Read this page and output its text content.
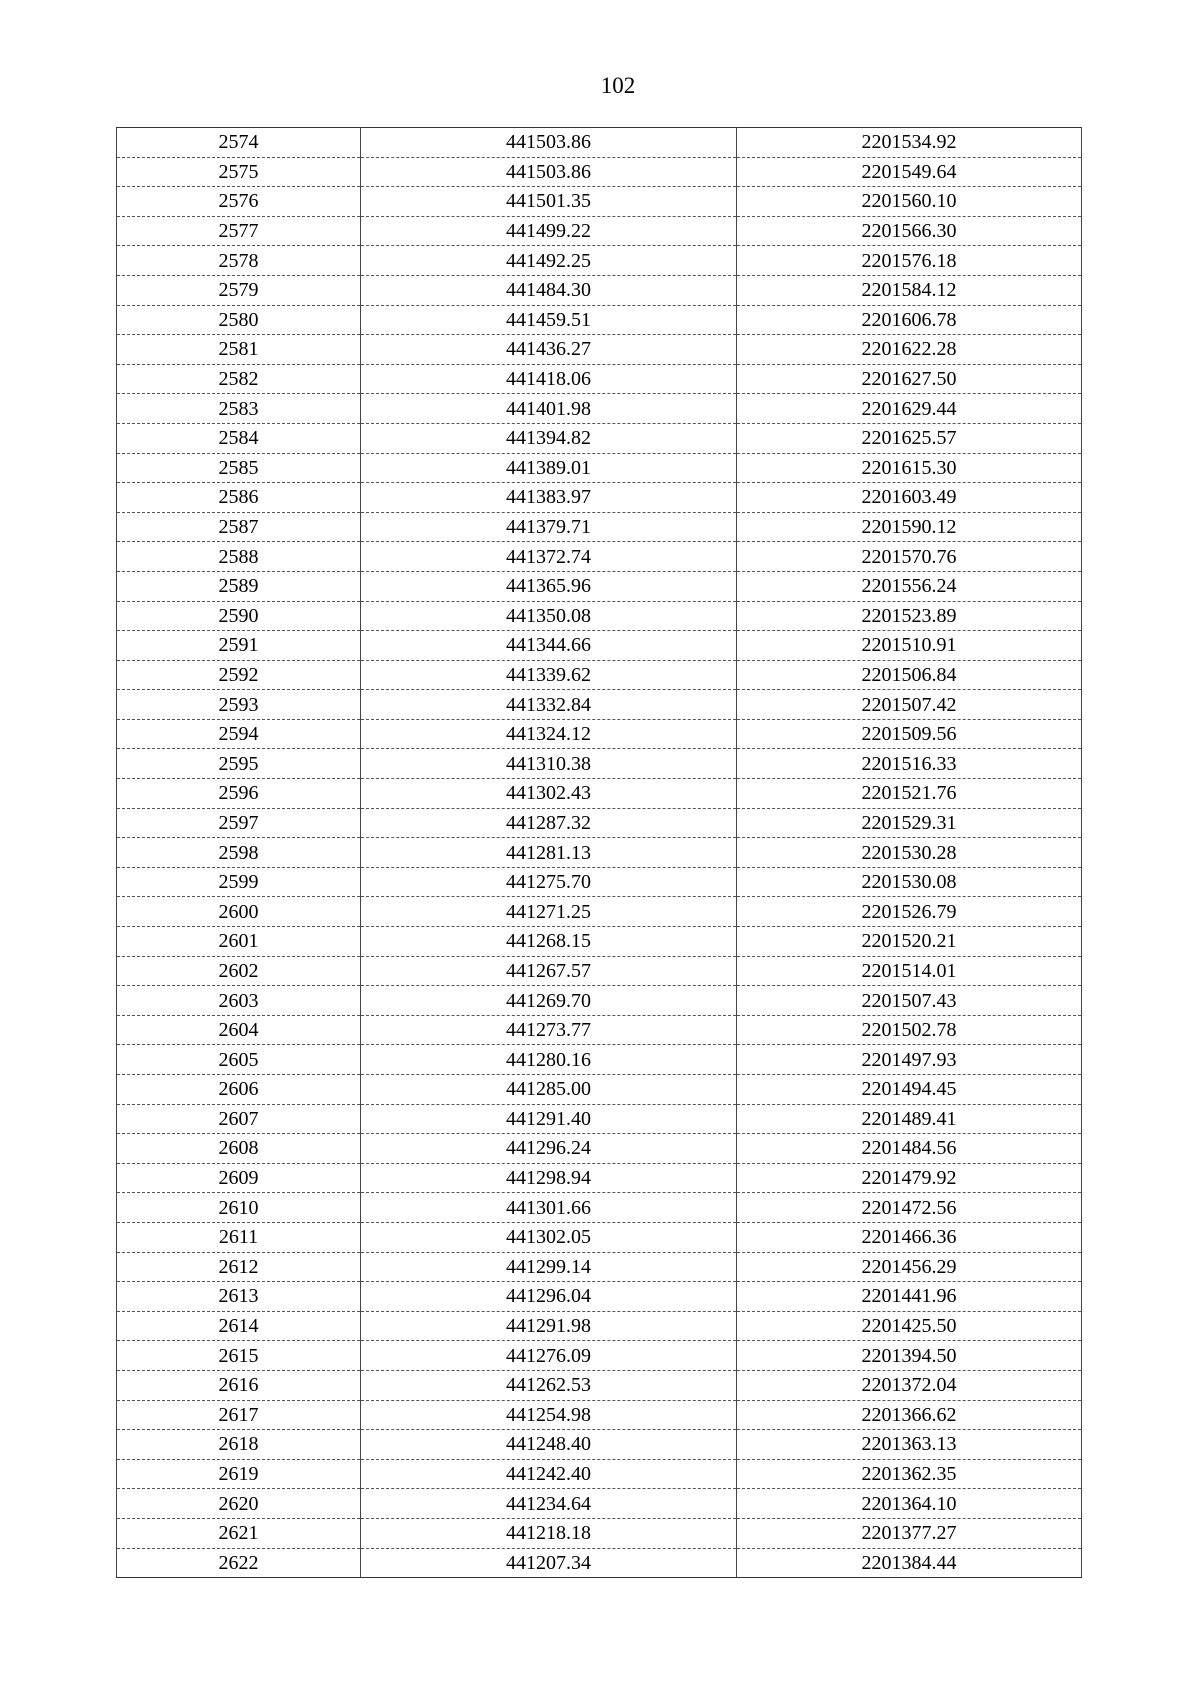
102
2574	441503.86	2201534.92
2575	441503.86	2201549.64
2576	441501.35	2201560.10
2577	441499.22	2201566.30
2578	441492.25	2201576.18
2579	441484.30	2201584.12
2580	441459.51	2201606.78
2581	441436.27	2201622.28
2582	441418.06	2201627.50
2583	441401.98	2201629.44
2584	441394.82	2201625.57
2585	441389.01	2201615.30
2586	441383.97	2201603.49
2587	441379.71	2201590.12
2588	441372.74	2201570.76
2589	441365.96	2201556.24
2590	441350.08	2201523.89
2591	441344.66	2201510.91
2592	441339.62	2201506.84
2593	441332.84	2201507.42
2594	441324.12	2201509.56
2595	441310.38	2201516.33
2596	441302.43	2201521.76
2597	441287.32	2201529.31
2598	441281.13	2201530.28
2599	441275.70	2201530.08
2600	441271.25	2201526.79
2601	441268.15	2201520.21
2602	441267.57	2201514.01
2603	441269.70	2201507.43
2604	441273.77	2201502.78
2605	441280.16	2201497.93
2606	441285.00	2201494.45
2607	441291.40	2201489.41
2608	441296.24	2201484.56
2609	441298.94	2201479.92
2610	441301.66	2201472.56
2611	441302.05	2201466.36
2612	441299.14	2201456.29
2613	441296.04	2201441.96
2614	441291.98	2201425.50
2615	441276.09	2201394.50
2616	441262.53	2201372.04
2617	441254.98	2201366.62
2618	441248.40	2201363.13
2619	441242.40	2201362.35
2620	441234.64	2201364.10
2621	441218.18	2201377.27
2622	441207.34	2201384.44
